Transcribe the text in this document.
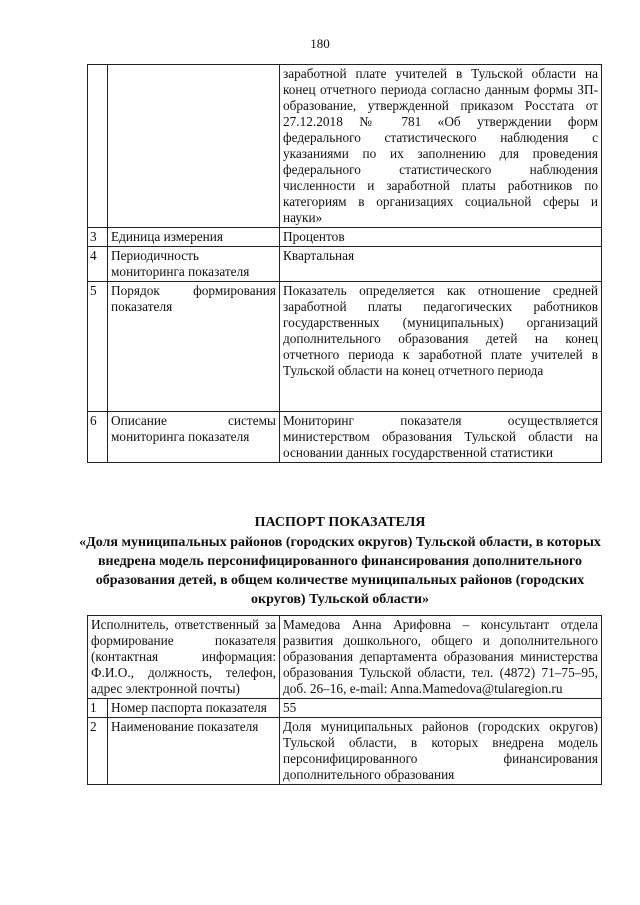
180
		заработной плате учителей в Тульской области на конец отчетного периода согласно данным формы ЗП-образование, утвержденной приказом Росстата от 27.12.2018 № 781 «Об утверждении форм федерального статистического наблюдения с указаниями по их заполнению для проведения федерального статистического наблюдения численности и заработной платы работников по категориям в организациях социальной сферы и науки»
3	Единица измерения	Процентов
4	Периодичность мониторинга показателя	Квартальная
5	Порядок формирования показателя	Показатель определяется как отношение средней заработной платы педагогических работников государственных (муниципальных) организаций дополнительного образования детей на конец отчетного периода к заработной плате учителей в Тульской области на конец отчетного периода
6	Описание системы мониторинга показателя	Мониторинг показателя осуществляется министерством образования Тульской области на основании данных государственной статистики
ПАСПОРТ ПОКАЗАТЕЛЯ
«Доля муниципальных районов (городских округов) Тульской области, в которых внедрена модель персонифицированного финансирования дополнительного образования детей, в общем количестве муниципальных районов (городских округов) Тульской области»
Исполнитель, ответственный за формирование показателя (контактная информация: Ф.И.О., должность, телефон, адрес электронной почты)		Мамедова Анна Арифовна – консультант отдела развития дошкольного, общего и дополнительного образования департамента образования министерства образования Тульской области, тел. (4872) 71–75–95, доб. 26–16, e-mail: Anna.Mamedova@tularegion.ru
1	Номер паспорта показателя	55
2	Наименование показателя	Доля муниципальных районов (городских округов) Тульской области, в которых внедрена модель персонифицированного финансирования дополнительного образования
